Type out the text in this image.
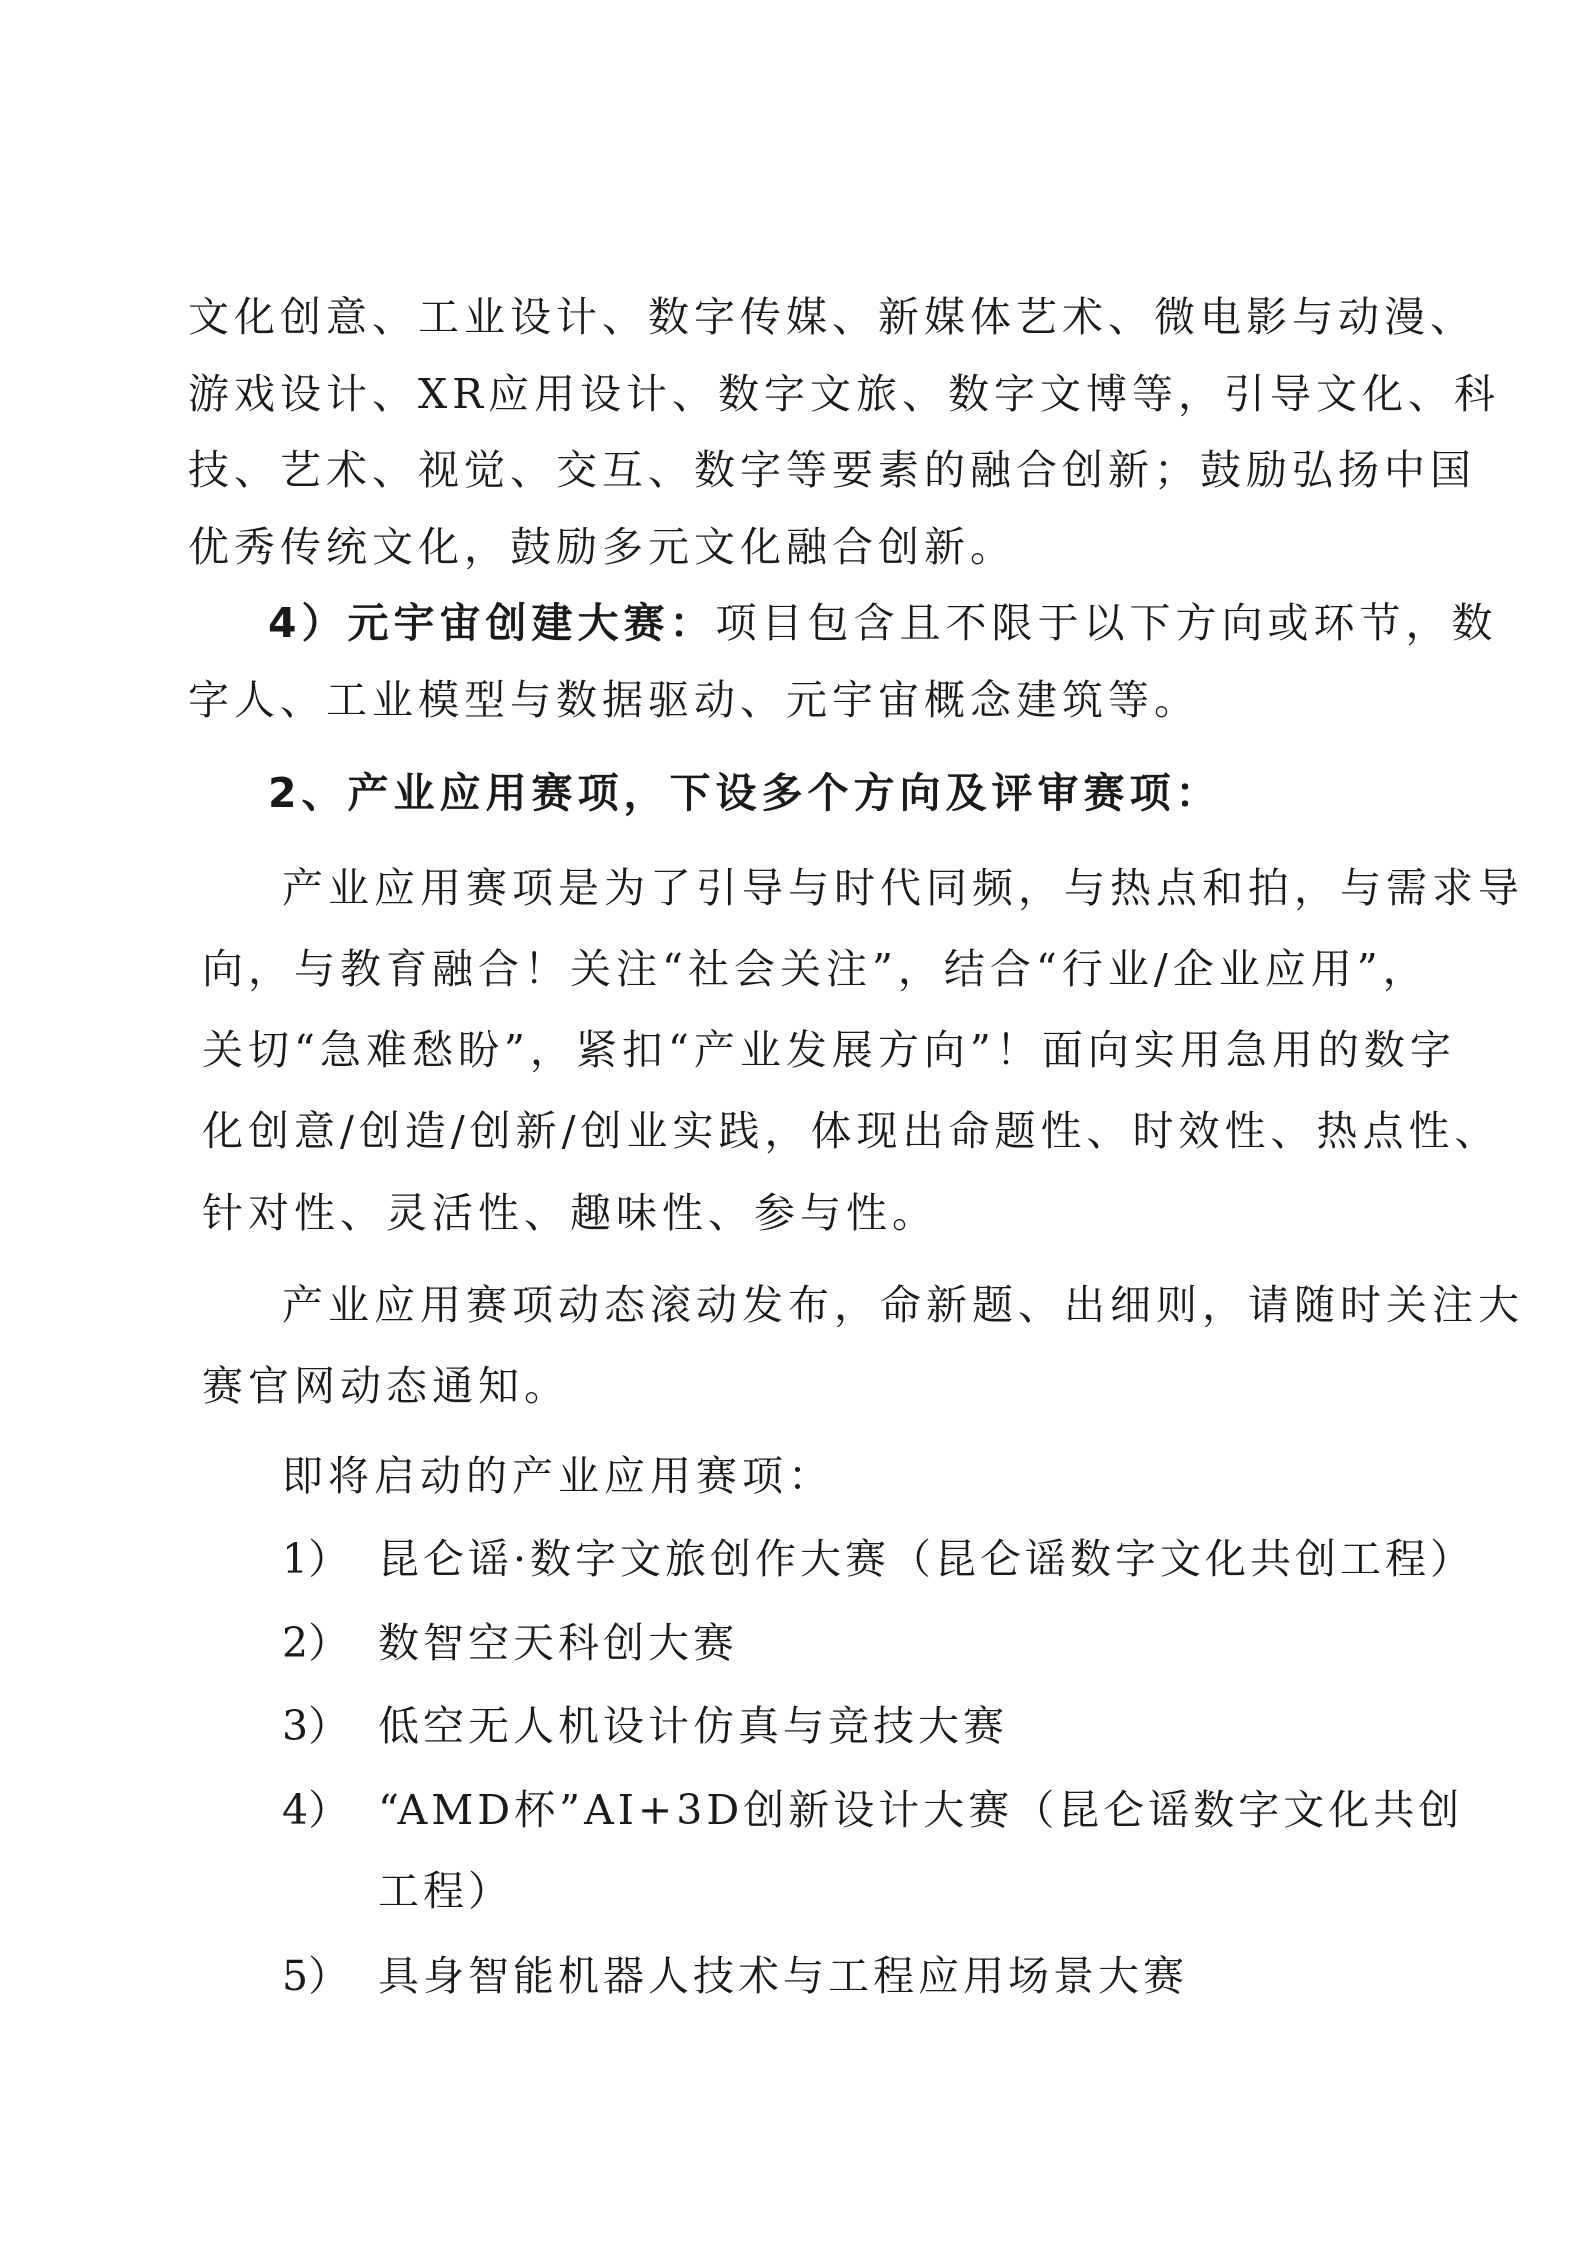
文化创意、工业设计、数字传媒、新媒体艺术、微电影与动漫、

游戏设计、XR应用设计、数字文旅、数字文博等，引导文化、科

技、艺术、视觉、交互、数字等要素的融合创新；鼓励弘扬中国

优秀传统文化，鼓励多元文化融合创新。

4）元宇宙创建大赛：项目包含且不限于以下方向或环节，数

字人、工业模型与数据驱动、元宇宙概念建筑等。

2、产业应用赛项，下设多个方向及评审赛项：

产业应用赛项是为了引导与时代同频，与热点和拍，与需求导

向，与教育融合！关注“社会关注”，结合“行业/企业应用”，

关切“急难愁盼”，紧扣“产业发展方向”！面向实用急用的数字

化创意/创造/创新/创业实践，体现出命题性、时效性、热点性、

针对性、灵活性、趣味性、参与性。

产业应用赛项动态滚动发布，命新题、出细则，请随时关注大

赛官网动态通知。

即将启动的产业应用赛项：

1） 昆仑谣·数字文旅创作大赛（昆仑谣数字文化共创工程）
2） 数智空天科创大赛
3） 低空无人机设计仿真与竞技大赛
4） “AMD杯”AI+3D创新设计大赛（昆仑谣数字文化共创
工程）
5） 具身智能机器人技术与工程应用场景大赛
